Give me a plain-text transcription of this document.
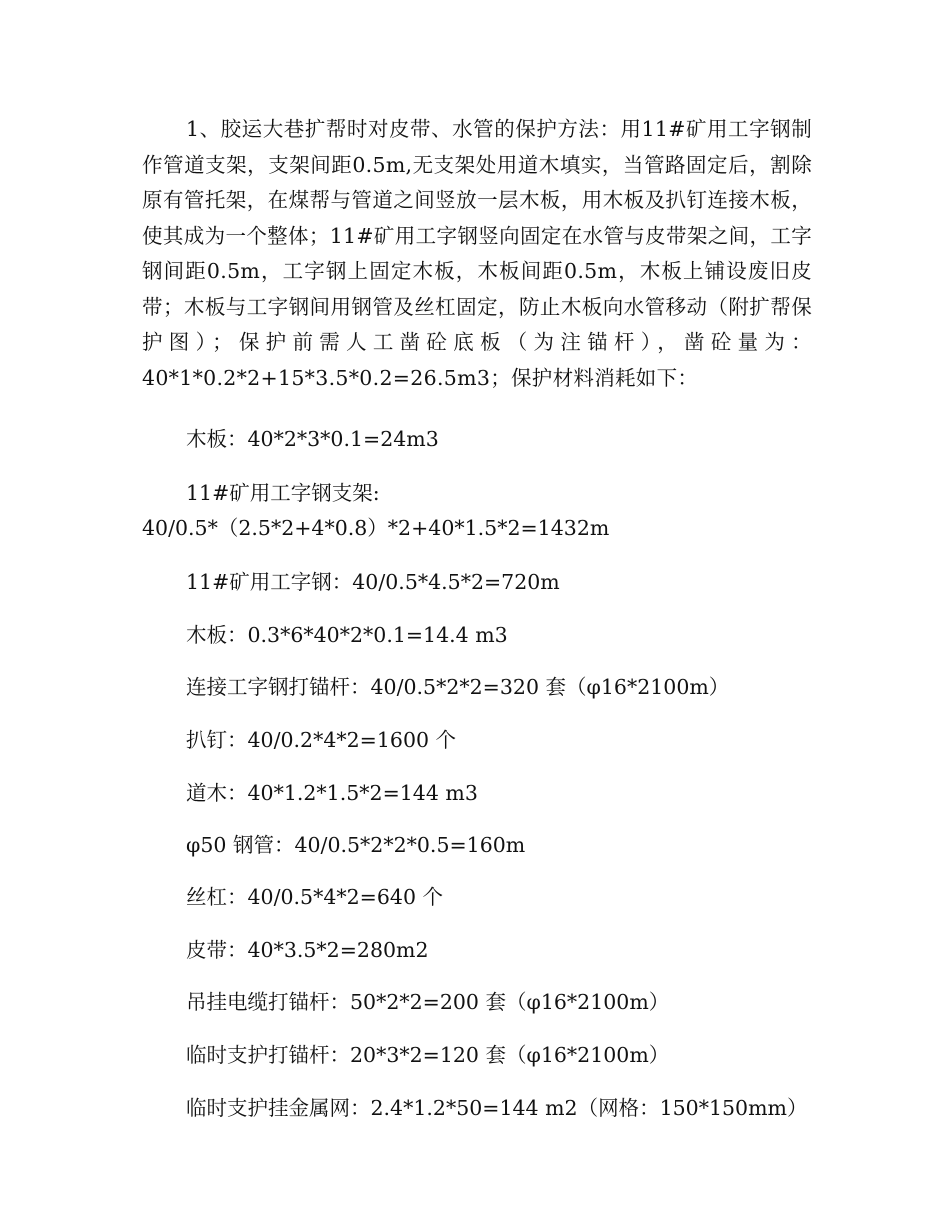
1、胶运大巷扩帮时对皮带、水管的保护方法：用11#矿用工字钢制作管道支架，支架间距0.5m,无支架处用道木填实，当管路固定后，割除原有管托架，在煤帮与管道之间竖放一层木板，用木板及扒钉连接木板，使其成为一个整体；11#矿用工字钢竖向固定在水管与皮带架之间，工字钢间距0.5m，工字钢上固定木板，木板间距0.5m，木板上铺设废旧皮带；木板与工字钢间用钢管及丝杠固定，防止木板向水管移动（附扩帮保护图）；保护前需人工凿砼底板（为注锚杆），凿砼量为：40*1*0.2*2+15*3.5*0.2=26.5m3；保护材料消耗如下：

木板：40*2*3*0.1=24m3

11#矿用工字钢支架:

40/0.5*（2.5*2+4*0.8）*2+40*1.5*2=1432m

11#矿用工字钢：40/0.5*4.5*2=720m

木板：0.3*6*40*2*0.1=14.4 m3

连接工字钢打锚杆：40/0.5*2*2=320 套（φ16*2100m）

扒钉：40/0.2*4*2=1600 个

道木：40*1.2*1.5*2=144 m3

φ50 钢管：40/0.5*2*2*0.5=160m

丝杠：40/0.5*4*2=640 个

皮带：40*3.5*2=280m2

吊挂电缆打锚杆：50*2*2=200 套（φ16*2100m）

临时支护打锚杆：20*3*2=120 套（φ16*2100m）

临时支护挂金属网：2.4*1.2*50=144 m2（网格：150*150mm）
